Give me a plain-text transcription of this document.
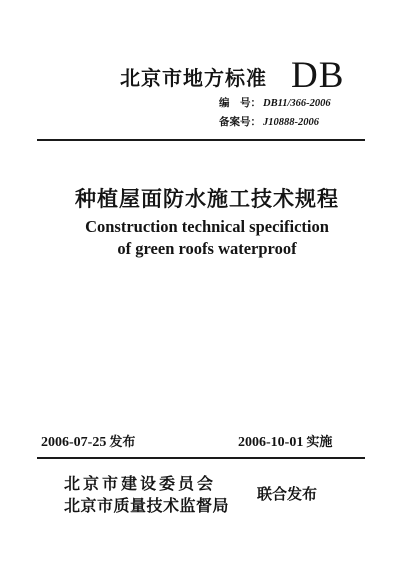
北京市地方标准 DB
编　号： DB11/366-2006
备案号： J10888-2006
种植屋面防水施工技术规程
Construction technical specifiction
of green roofs waterproof
2006-07-25 发布	2006-10-01 实施
北京市建设委员会
北京市质量技术监督局
联合发布
